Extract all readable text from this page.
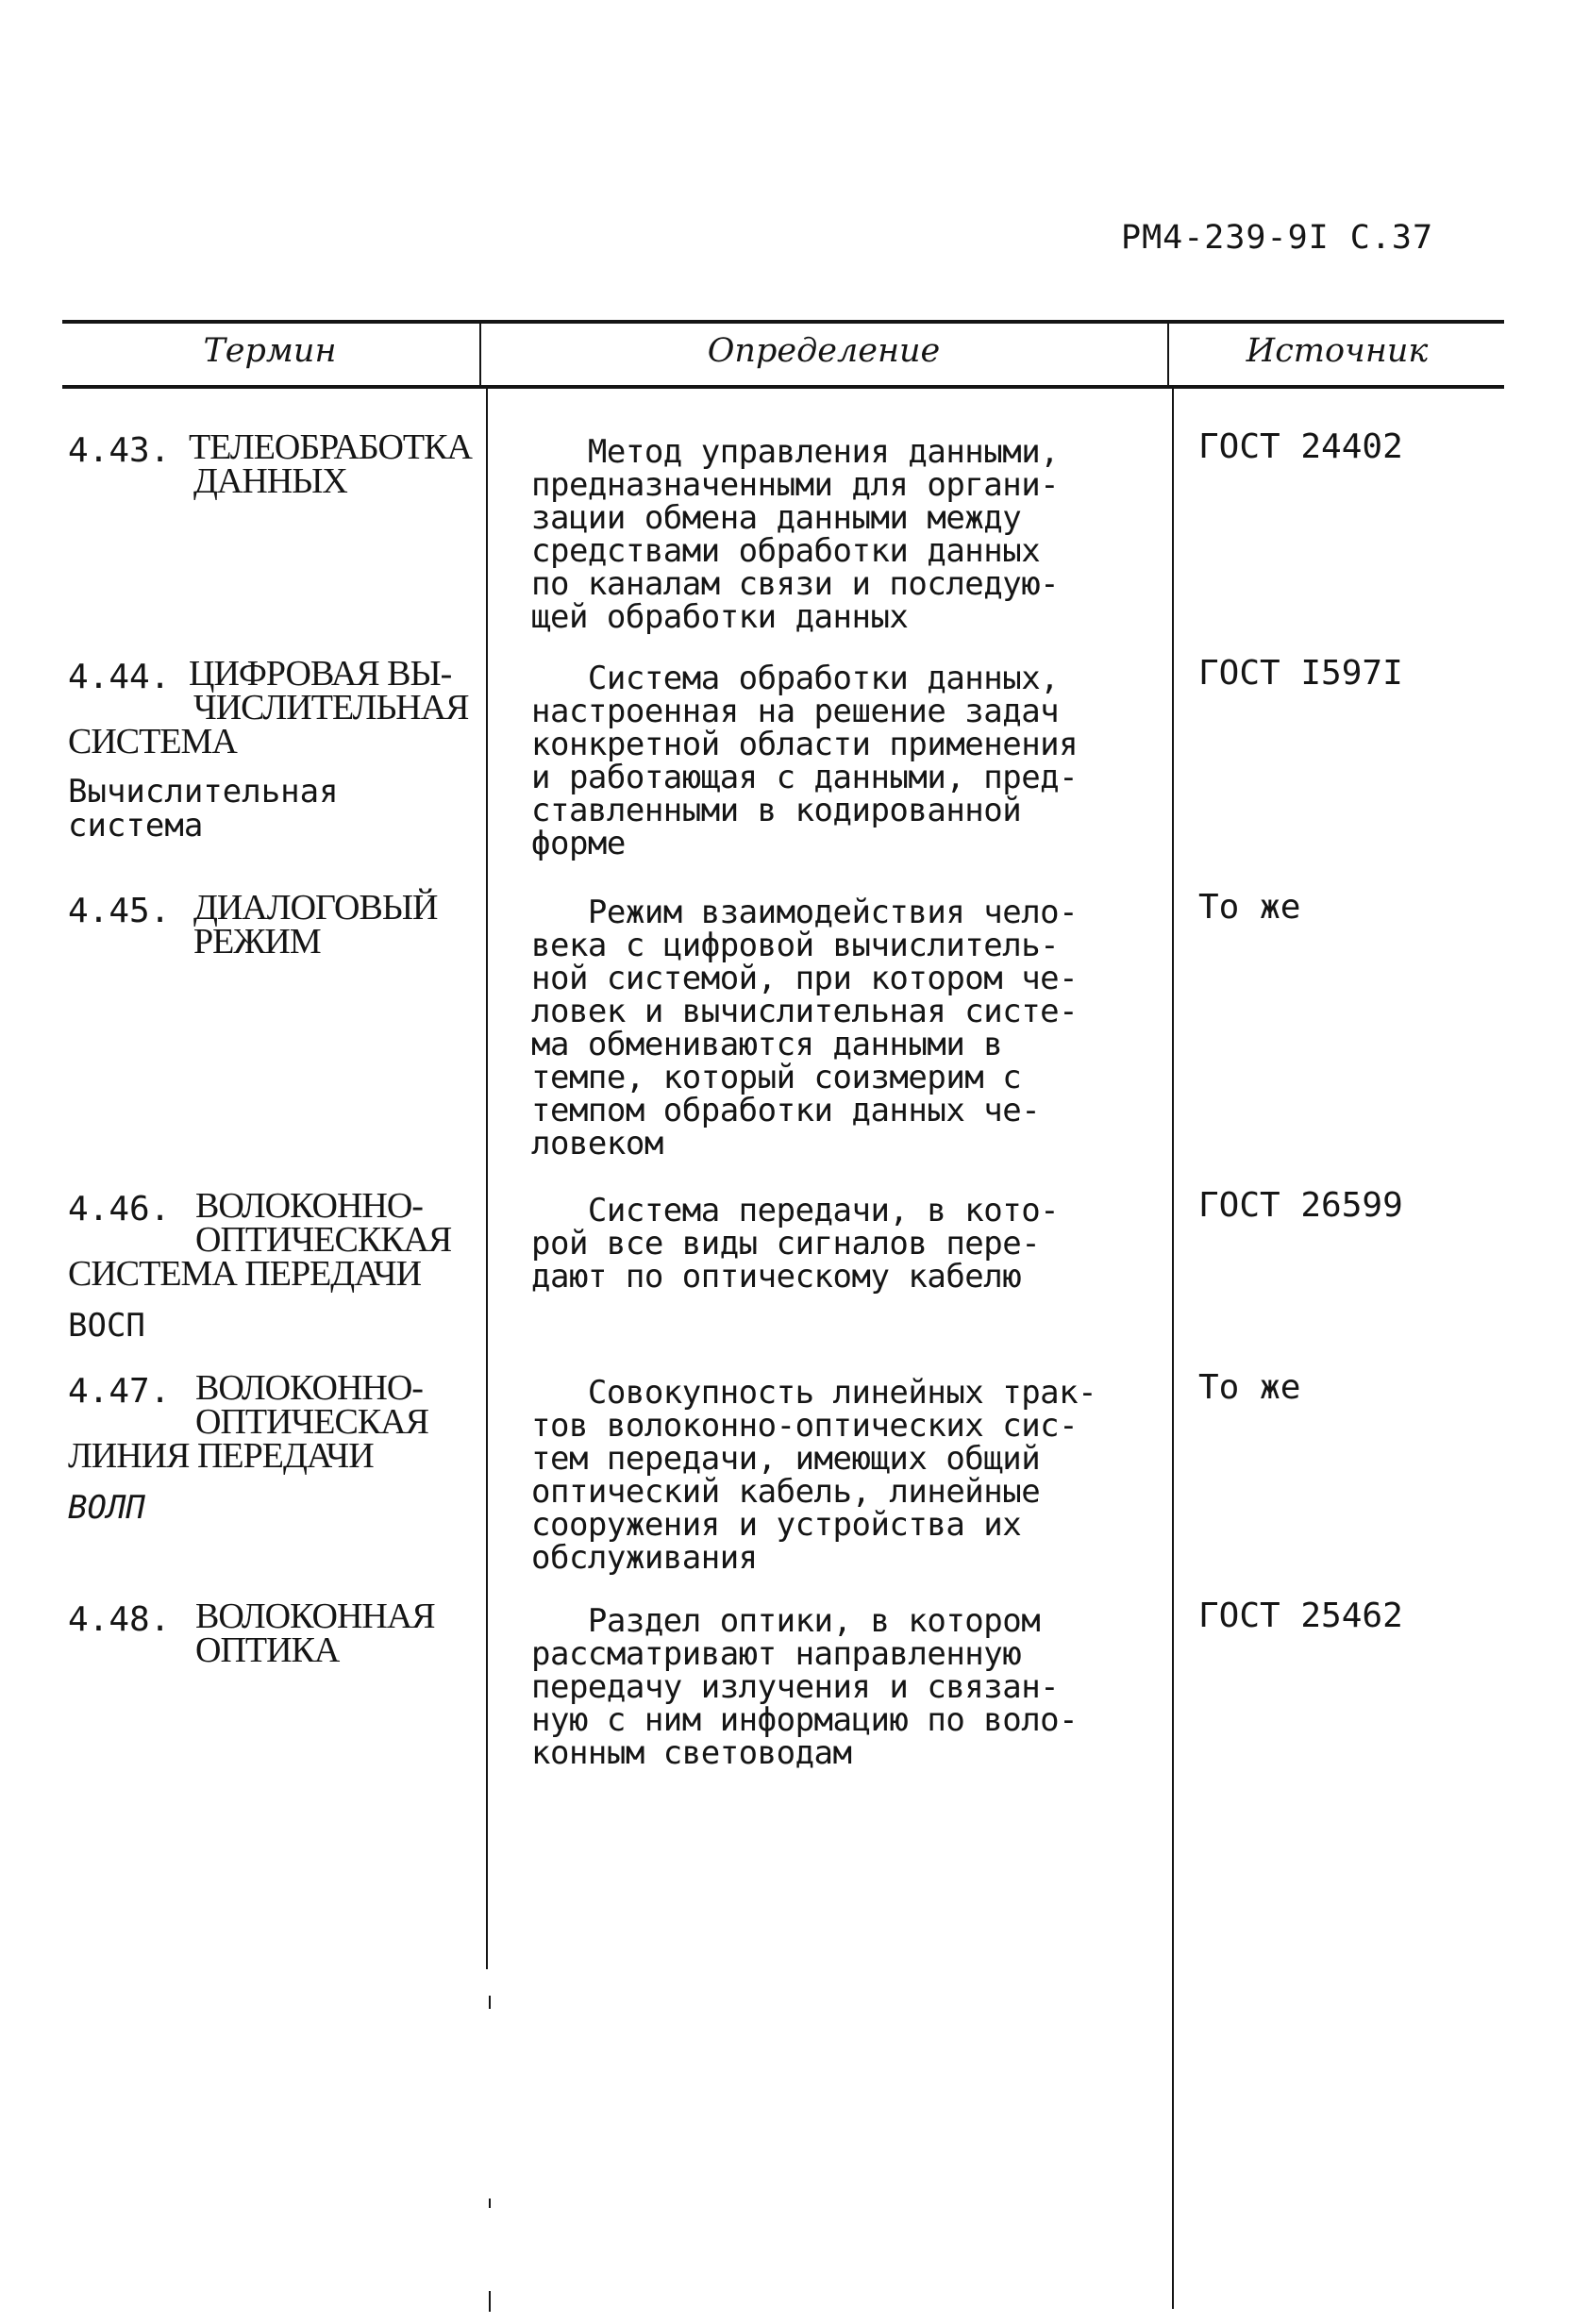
РМ4-239-9I С.37
Термин	Определение	Источник
4.43. ТЕЛЕОБРАБОТКА
ДАННЫХ
Метод управления данными,
предназначенными для органи-
зации обмена данными между
средствами обработки данных
по каналам связи и последую-
щей обработки данных
ГОСТ 24402
4.44. ЦИФРОВАЯ ВЫ-
ЧИСЛИТЕЛЬНАЯ
СИСТЕМА
Вычислительная
система
Система обработки данных,
настроенная на решение задач
конкретной области применения
и работающая с данными, пред-
ставленными в кодированной
форме
ГОСТ I597I
4.45. ДИАЛОГОВЫЙ
РЕЖИМ
Режим взаимодействия чело-
века с цифровой вычислитель-
ной системой, при котором че-
ловек и вычислительная систе-
ма обмениваются данными в
темпе, который соизмерим с
темпом обработки данных че-
ловеком
То же
4.46. ВОЛОКОННО-
ОПТИЧЕСККАЯ
СИСТЕМА ПЕРЕДАЧИ
ВОСП
Система передачи, в кото-
рой все виды сигналов пере-
дают по оптическому кабелю
ГОСТ 26599
4.47. ВОЛОКОННО-
ОПТИЧЕСКАЯ
ЛИНИЯ ПЕРЕДАЧИ
ВОЛП
Совокупность линейных трак-
тов волоконно-оптических сис-
тем передачи, имеющих общий
оптический кабель, линейные
сооружения и устройства их
обслуживания
То же
4.48. ВОЛОКОННАЯ
ОПТИКА
Раздел оптики, в котором
рассматривают направленную
передачу излучения и связан-
ную с ним информацию по воло-
конным световодам
ГОСТ 25462
